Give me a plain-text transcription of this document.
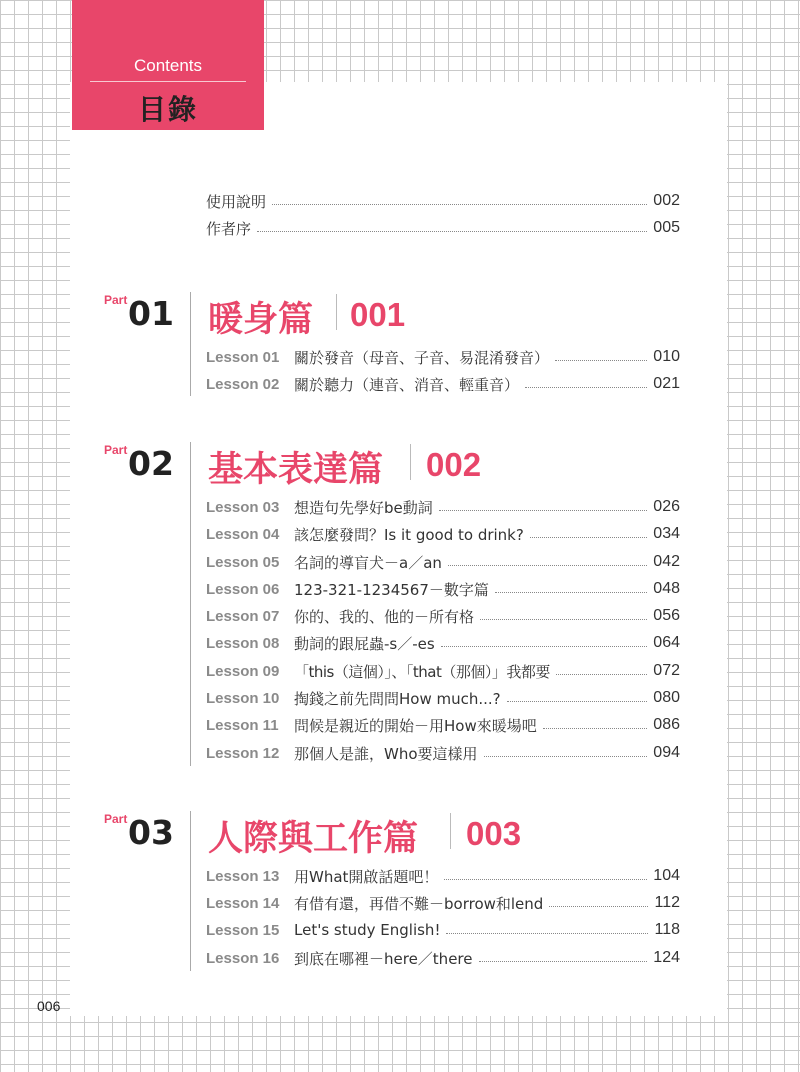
Contents
目錄
使用說明	002
作者序	005
Part 01 暖身篇 001
Lesson 01 關於發音（母音、子音、易混淆發音）	010
Lesson 02 關於聽力（連音、消音、輕重音）	021
Part 02 基本表達篇 002
Lesson 03 想造句先學好be動詞	026
Lesson 04 該怎麼發問？Is it good to drink?	034
Lesson 05 名詞的導盲犬－a／an	042
Lesson 06 123-321-1234567－數字篇	048
Lesson 07 你的、我的、他的－所有格	056
Lesson 08 動詞的跟屁蟲-s／-es	064
Lesson 09 「this（這個）」、「that（那個）」我都要	072
Lesson 10 掏錢之前先問問How much...?	080
Lesson 11	問候是親近的開始－用How來暖場吧	086
Lesson 12 那個人是誰，Who要這樣用	094
Part 03 人際與工作篇 003
Lesson 13 用What開啟話題吧！	104
Lesson 14 有借有還，再借不難－borrow和lend	112
Lesson 15 Let's study English!	118
Lesson 16 到底在哪裡－here／there	124
006
